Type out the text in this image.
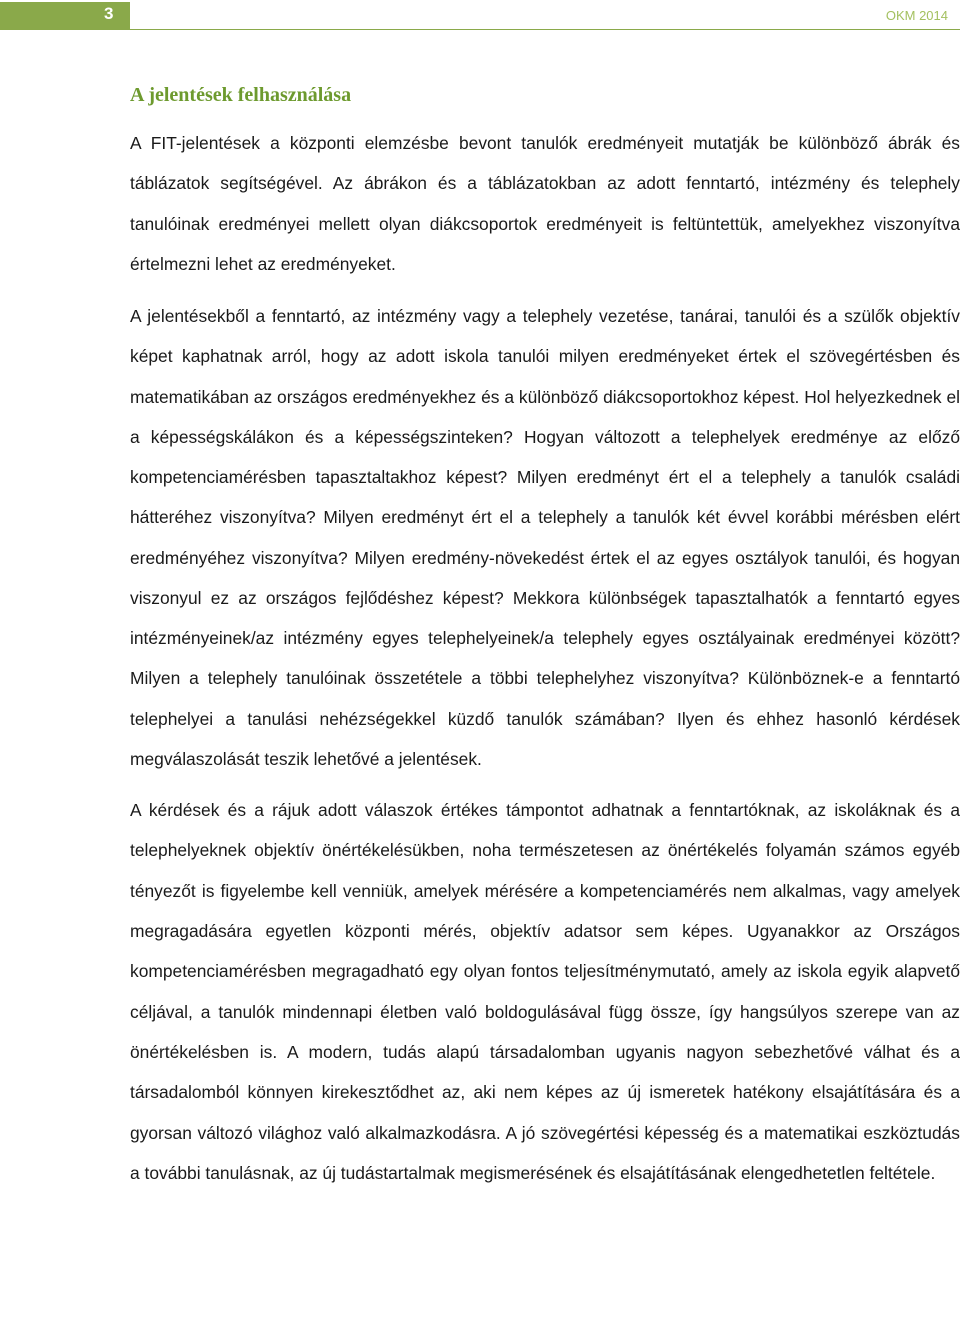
3	OKM 2014
A jelentések felhasználása

A FIT-jelentések a központi elemzésbe bevont tanulók eredményeit mutatják be különböző ábrák és táblázatok segítségével. Az ábrákon és a táblázatokban az adott fenntartó, intézmény és telephely tanulóinak eredményei mellett olyan diákcsoportok eredményeit is feltüntettük, amelyekhez viszonyítva értelmezni lehet az eredményeket.

A jelentésekből a fenntartó, az intézmény vagy a telephely vezetése, tanárai, tanulói és a szülők objektív képet kaphatnak arról, hogy az adott iskola tanulói milyen eredményeket értek el szövegértésben és matematikában az országos eredményekhez és a különböző diákcsoportokhoz képest. Hol helyezkednek el a képességskálákon és a képességszinteken? Hogyan változott a telephelyek eredménye az előző kompetenciamérésben tapasztaltakhoz képest? Milyen eredményt ért el a telephely a tanulók családi hátteréhez viszonyítva? Milyen eredményt ért el a telephely a tanulók két évvel korábbi mérésben elért eredményéhez viszonyítva? Milyen eredmény-növekedést értek el az egyes osztályok tanulói, és hogyan viszonyul ez az országos fejlődéshez képest? Mekkora különbségek tapasztalhatók a fenntartó egyes intézményeinek/az intézmény egyes telephelyeinek/a telephely egyes osztályainak eredményei között? Milyen a telephely tanulóinak összetétele a többi telephelyhez viszonyítva? Különböznek-e a fenntartó telephelyei a tanulási nehézségekkel küzdő tanulók számában? Ilyen és ehhez hasonló kérdések megválaszolását teszik lehetővé a jelentések.

A kérdések és a rájuk adott válaszok értékes támpontot adhatnak a fenntartóknak, az iskoláknak és a telephelyeknek objektív önértékelésükben, noha természetesen az önértékelés folyamán számos egyéb tényezőt is figyelembe kell venniük, amelyek mérésére a kompetenciamérés nem alkalmas, vagy amelyek megragadására egyetlen központi mérés, objektív adatsor sem képes. Ugyanakkor az Országos kompetenciamérésben megragadható egy olyan fontos teljesítménymutató, amely az iskola egyik alapvető céljával, a tanulók mindennapi életben való boldogulásával függ össze, így hangsúlyos szerepe van az önértékelésben is. A modern, tudás alapú társadalomban ugyanis nagyon sebezhetővé válhat és a társadalomból könnyen kirekesztődhet az, aki nem képes az új ismeretek hatékony elsajátítására és a gyorsan változó világhoz való alkalmazkodásra. A jó szövegértési képesség és a matematikai eszköztudás a további tanulásnak, az új tudástartalmak megismerésének és elsajátításának elengedhetetlen feltétele.
